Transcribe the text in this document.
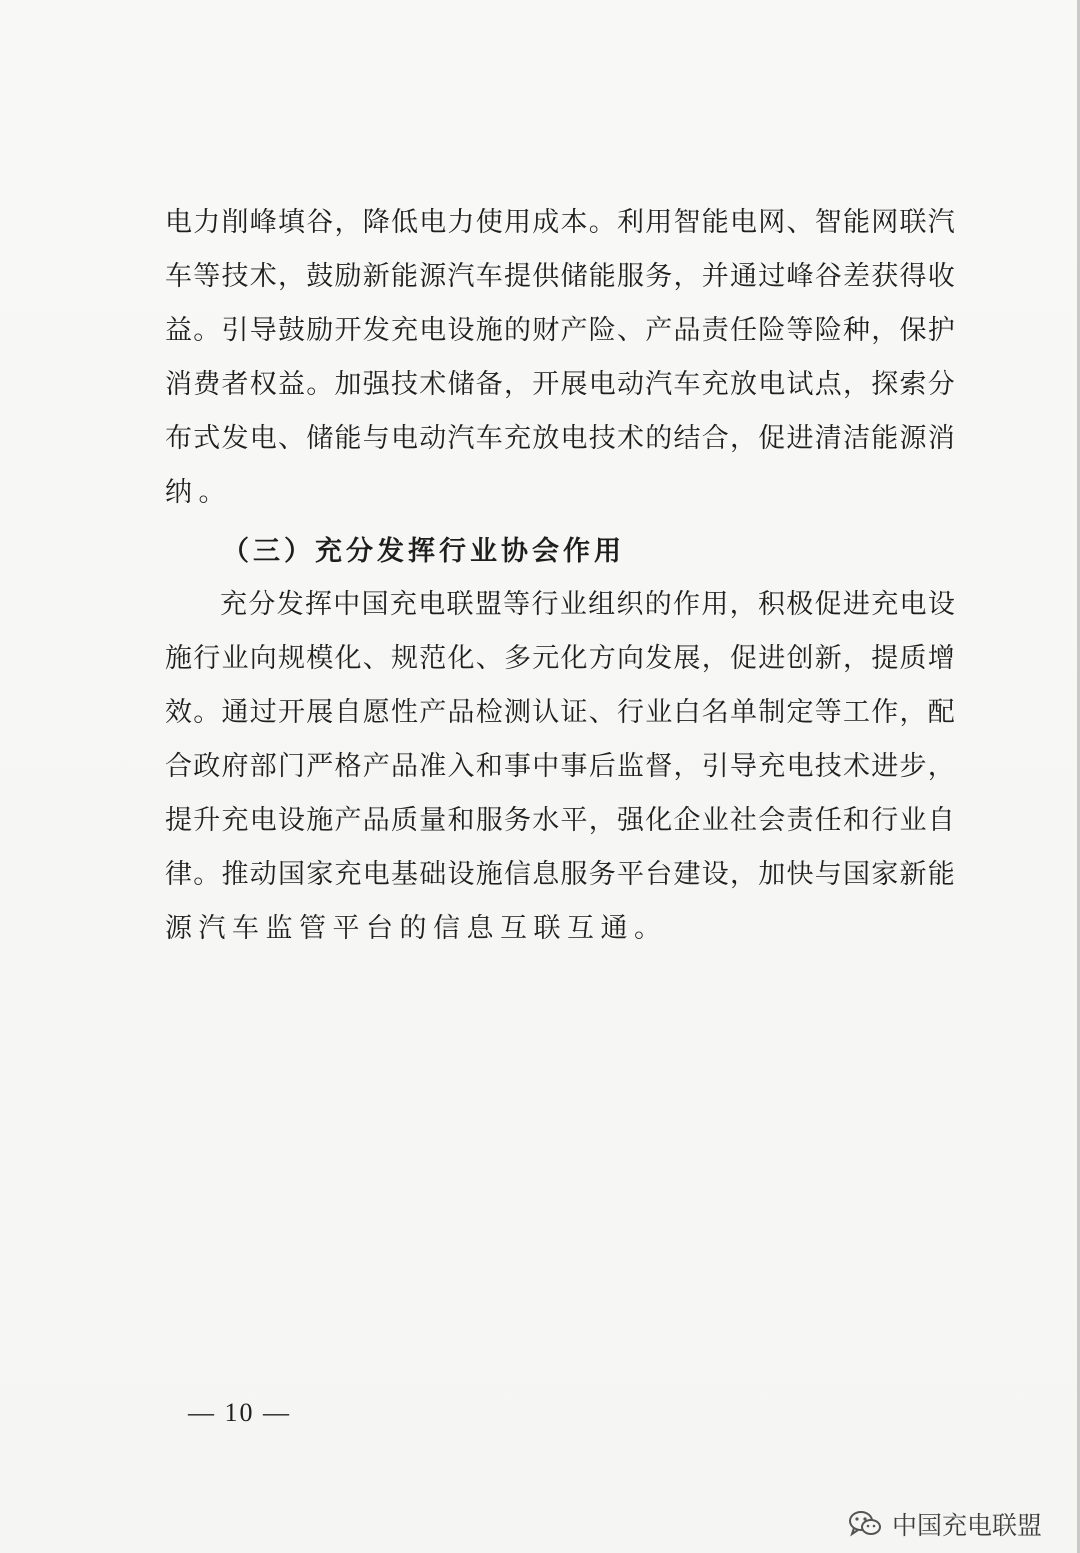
电 力 削 峰 填 谷 ， 降 低 电 力 使 用 成 本 。 利 用 智 能 电 网 、 智 能 网 联 汽
车 等 技 术 ， 鼓 励 新 能 源 汽 车 提 供 储 能 服 务 ， 并 通 过 峰 谷 差 获 得 收
益 。 引 导 鼓 励 开 发 充 电 设 施 的 财 产 险 、 产 品 责 任 险 等 险 种 ， 保 护
消 费 者 权 益 。 加 强 技 术 储 备 ， 开 展 电 动 汽 车 充 放 电 试 点 ， 探 索 分
布 式 发 电 、 储 能 与 电 动 汽 车 充 放 电 技 术 的 结 合 ， 促 进 清 洁 能 源 消
纳。
（三）充分发挥行业协会作用
充 分 发 挥 中 国 充 电 联 盟 等 行 业 组 织 的 作 用 ， 积 极 促 进 充 电 设
施 行 业 向 规 模 化 、 规 范 化 、 多 元 化 方 向 发 展 ， 促 进 创 新 ， 提 质 增
效 。 通 过 开 展 自 愿 性 产 品 检 测 认 证 、 行 业 白 名 单 制 定 等 工 作 ， 配
合 政 府 部 门 严 格 产 品 准 入 和 事 中 事 后 监 督 ， 引 导 充 电 技 术 进 步 ，
提 升 充 电 设 施 产 品 质 量 和 服 务 水 平 ， 强 化 企 业 社 会 责 任 和 行 业 自
律 。 推 动 国 家 充 电 基 础 设 施 信 息 服 务 平 台 建 设 ， 加 快 与 国 家 新 能
源汽车监管平台的信息互联互通。
— 10 —
中国充电联盟
